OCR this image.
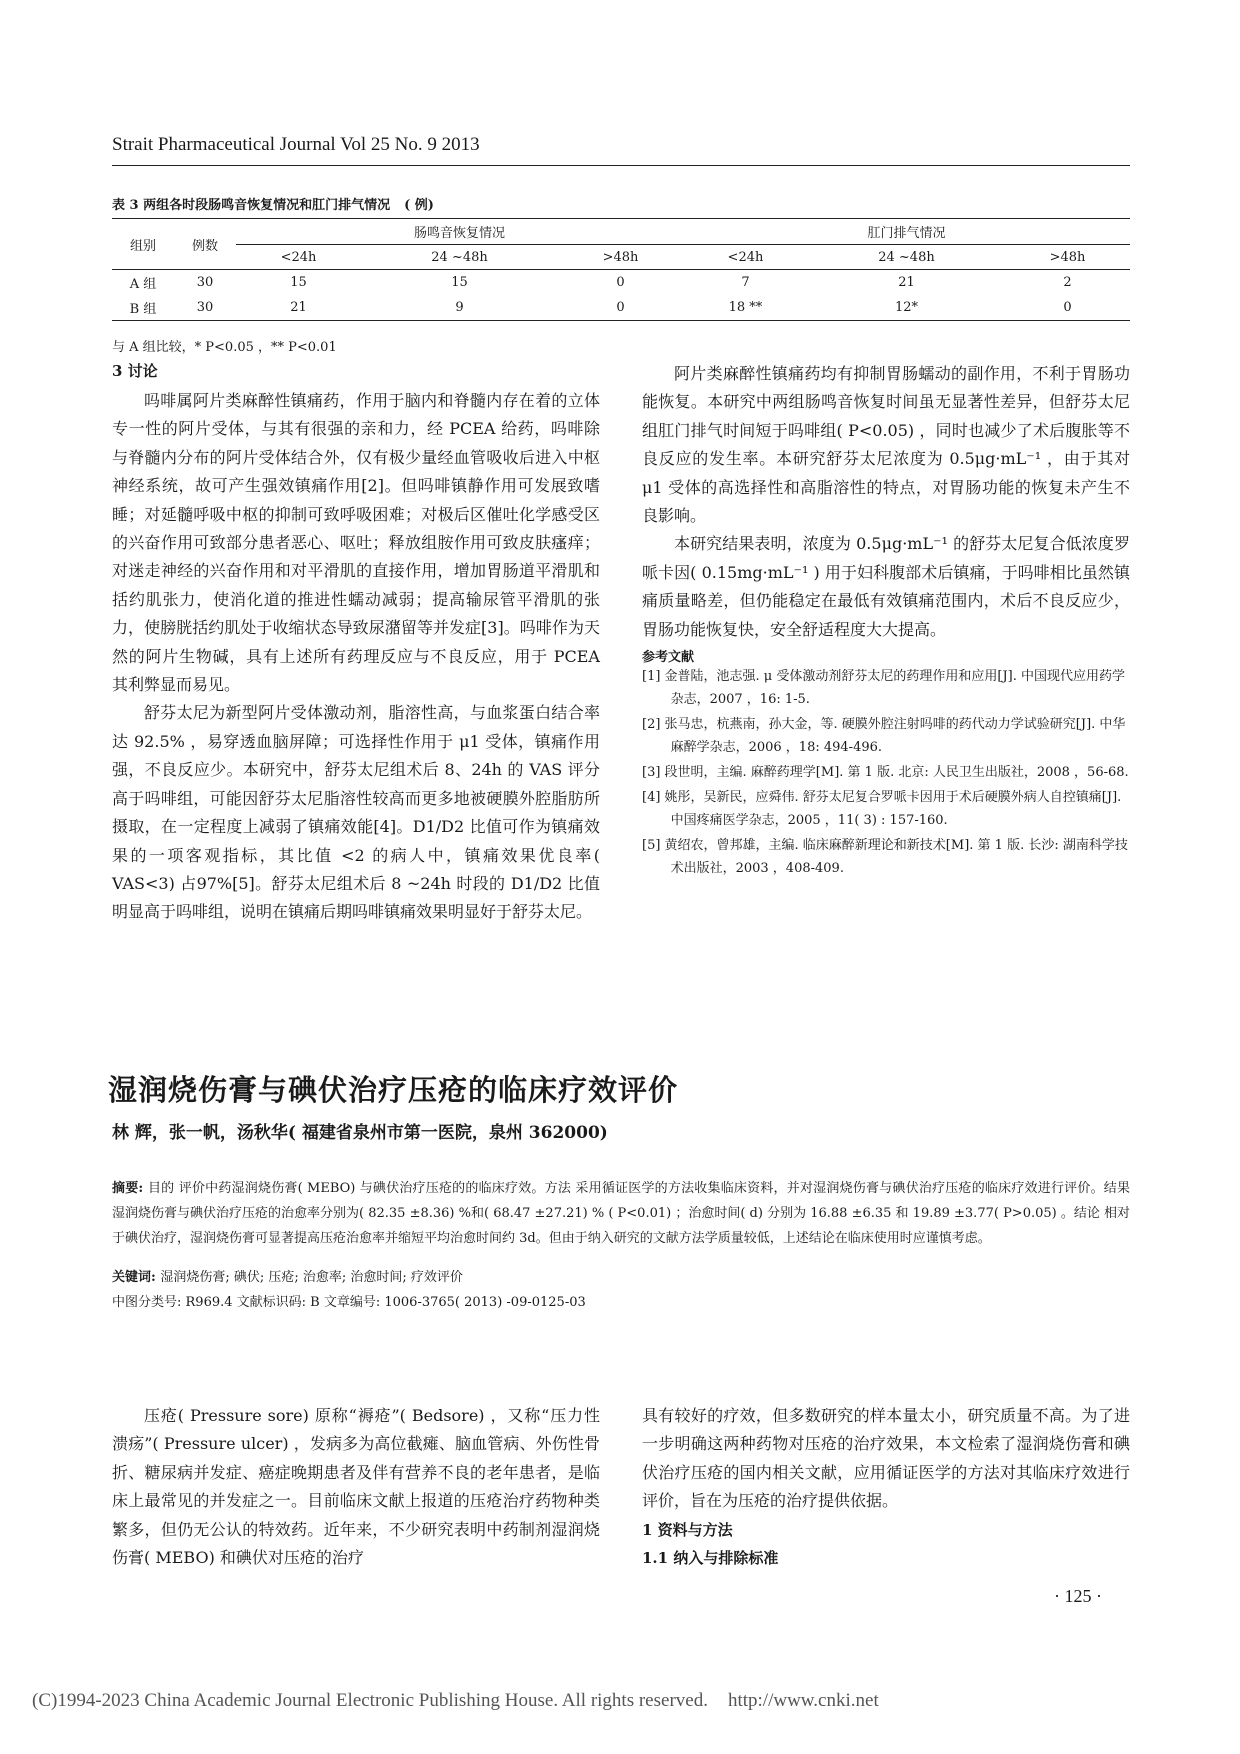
Strait Pharmaceutical Journal Vol 25 No. 9 2013
表 3 两组各时段肠鸣音恢复情况和肛门排气情况 ( 例)
组别	例数	肠鸣音恢复情况			肛门排气情况		
		<24h	24 ~48h	>48h	<24h	24 ~48h	>48h
A 组	30	15	15	0	7	21	2
B 组	30	21	9	0	18 **	12*	0
与 A 组比较，* P<0.05 ，** P<0.01
3 讨论

吗啡属阿片类麻醉性镇痛药，作用于脑内和脊髓内存在着的立体专一性的阿片受体，与其有很强的亲和力，经 PCEA 给药，吗啡除与脊髓内分布的阿片受体结合外，仅有极少量经血管吸收后进入中枢神经系统，故可产生强效镇痛作用[2]。但吗啡镇静作用可发展致嗜睡；对延髓呼吸中枢的抑制可致呼吸困难；对极后区催吐化学感受区的兴奋作用可致部分患者恶心、呕吐；释放组胺作用可致皮肤瘙痒；对迷走神经的兴奋作用和对平滑肌的直接作用，增加胃肠道平滑肌和括约肌张力，使消化道的推进性蠕动减弱；提高输尿管平滑肌的张力，使膀胱括约肌处于收缩状态导致尿潴留等并发症[3]。吗啡作为天然的阿片生物碱，具有上述所有药理反应与不良反应，用于 PCEA 其利弊显而易见。

舒芬太尼为新型阿片受体激动剂，脂溶性高，与血浆蛋白结合率达 92.5% ，易穿透血脑屏障；可选择性作用于 μ1 受体，镇痛作用强，不良反应少。本研究中，舒芬太尼组术后 8、24h 的 VAS 评分高于吗啡组，可能因舒芬太尼脂溶性较高而更多地被硬膜外腔脂肪所摄取，在一定程度上减弱了镇痛效能[4]。D1/D2 比值可作为镇痛效果的一项客观指标，其比值 <2 的病人中，镇痛效果优良率( VAS<3) 占97%[5]。舒芬太尼组术后 8 ~24h 时段的 D1/D2 比值明显高于吗啡组，说明在镇痛后期吗啡镇痛效果明显好于舒芬太尼。

阿片类麻醉性镇痛药均有抑制胃肠蠕动的副作用，不利于胃肠功能恢复。本研究中两组肠鸣音恢复时间虽无显著性差异，但舒芬太尼组肛门排气时间短于吗啡组( P<0.05) ，同时也减少了术后腹胀等不良反应的发生率。本研究舒芬太尼浓度为 0.5μg·mL⁻¹ ，由于其对 μ1 受体的高选择性和高脂溶性的特点，对胃肠功能的恢复未产生不良影响。

本研究结果表明，浓度为 0.5μg·mL⁻¹ 的舒芬太尼复合低浓度罗哌卡因( 0.15mg·mL⁻¹ ) 用于妇科腹部术后镇痛，于吗啡相比虽然镇痛质量略差，但仍能稳定在最低有效镇痛范围内，术后不良反应少，胃肠功能恢复快，安全舒适程度大大提高。

参考文献

[1] 金普陆，池志强. μ 受体激动剂舒芬太尼的药理作用和应用[J]. 中国现代应用药学杂志，2007 ，16: 1-5.

[2] 张马忠，杭燕南，孙大金，等. 硬膜外腔注射吗啡的药代动力学试验研究[J]. 中华麻醉学杂志，2006 ，18: 494-496.

[3] 段世明，主编. 麻醉药理学[M]. 第 1 版. 北京: 人民卫生出版社，2008 ，56-68.

[4] 姚彤，吴新民，应舜伟. 舒芬太尼复合罗哌卡因用于术后硬膜外病人自控镇痛[J]. 中国疼痛医学杂志，2005 ，11( 3) : 157-160.

[5] 黄绍农，曾邦雄，主编. 临床麻醉新理论和新技术[M]. 第 1 版. 长沙: 湖南科学技术出版社，2003 ，408-409.

湿润烧伤膏与碘伏治疗压疮的临床疗效评价
林 辉，张一帆，汤秋华( 福建省泉州市第一医院，泉州 362000)

摘要: 目的 评价中药湿润烧伤膏( MEBO) 与碘伏治疗压疮的的临床疗效。方法 采用循证医学的方法收集临床资料，并对湿润烧伤膏与碘伏治疗压疮的临床疗效进行评价。结果 湿润烧伤膏与碘伏治疗压疮的治愈率分别为( 82.35 ±8.36) %和( 68.47 ±27.21) % ( P<0.01) ；治愈时间( d) 分别为 16.88 ±6.35 和 19.89 ±3.77( P>0.05) 。结论 相对于碘伏治疗，湿润烧伤膏可显著提高压疮治愈率并缩短平均治愈时间约 3d。但由于纳入研究的文献方法学质量较低，上述结论在临床使用时应谨慎考虑。

关键词: 湿润烧伤膏; 碘伏; 压疮; 治愈率; 治愈时间; 疗效评价
中图分类号: R969.4 文献标识码: B 文章编号: 1006-3765( 2013) -09-0125-03

压疮( Pressure sore) 原称“褥疮”( Bedsore) ，又称“压力性溃疡”( Pressure ulcer) ，发病多为高位截瘫、脑血管病、外伤性骨折、糖尿病并发症、癌症晚期患者及伴有营养不良的老年患者，是临床上最常见的并发症之一。目前临床文献上报道的压疮治疗药物种类繁多，但仍无公认的特效药。近年来，不少研究表明中药制剂湿润烧伤膏( MEBO) 和碘伏对压疮的治疗

具有较好的疗效，但多数研究的样本量太小，研究质量不高。为了进一步明确这两种药物对压疮的治疗效果，本文检索了湿润烧伤膏和碘伏治疗压疮的国内相关文献，应用循证医学的方法对其临床疗效进行评价，旨在为压疮的治疗提供依据。

1 资料与方法
1.1 纳入与排除标准
· 125 ·
(C)1994-2023 China Academic Journal Electronic Publishing House. All rights reserved. http://www.cnki.net
